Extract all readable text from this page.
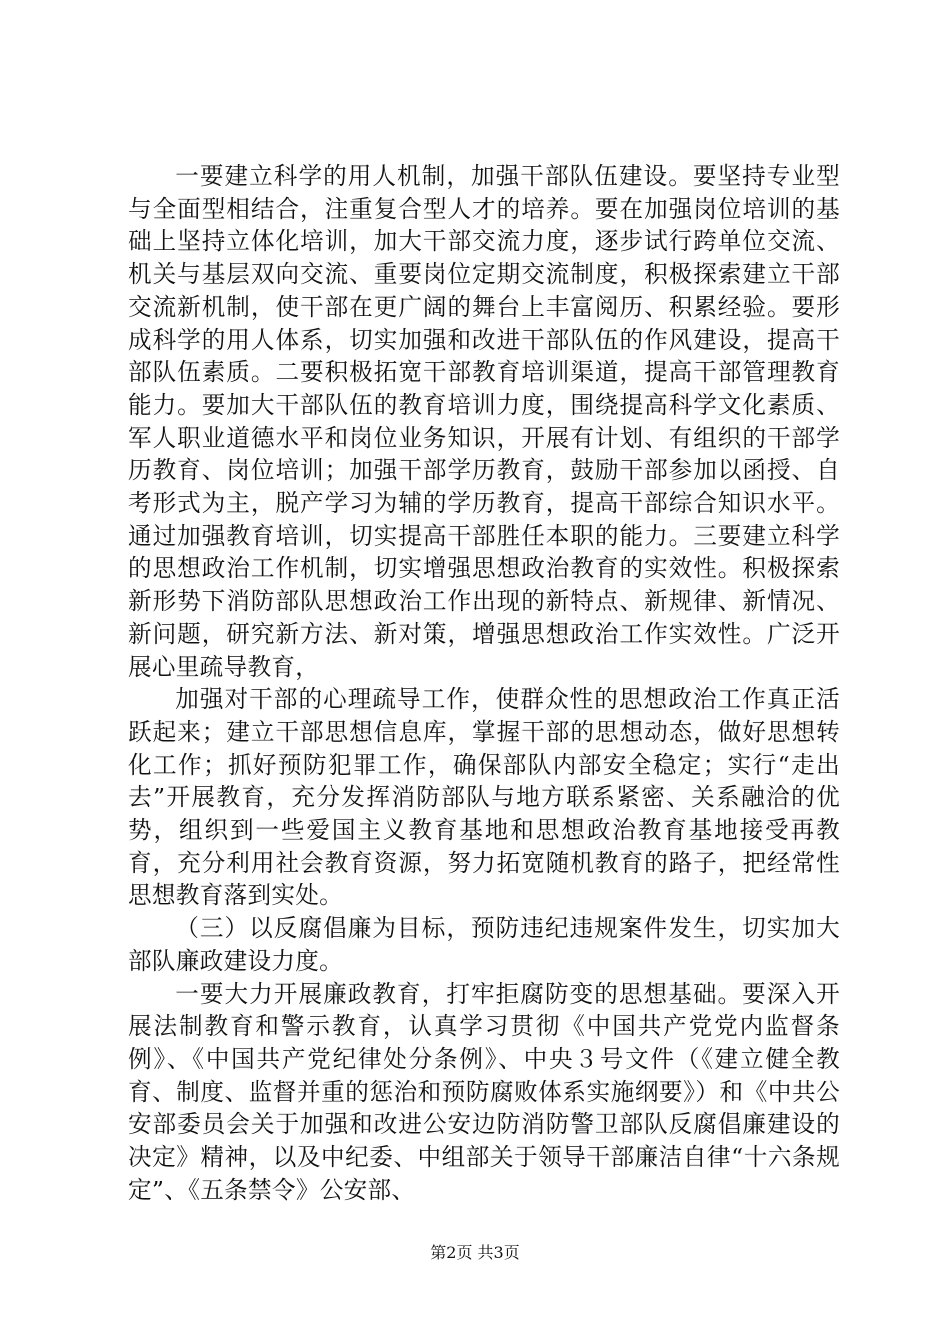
一要建立科学的用人机制，加强干部队伍建设。要坚持专业型与全面型相结合，注重复合型人才的培养。要在加强岗位培训的基础上坚持立体化培训，加大干部交流力度，逐步试行跨单位交流、机关与基层双向交流、重要岗位定期交流制度，积极探索建立干部交流新机制，使干部在更广阔的舞台上丰富阅历、积累经验。要形成科学的用人体系，切实加强和改进干部队伍的作风建设，提高干部队伍素质。二要积极拓宽干部教育培训渠道，提高干部管理教育能力。要加大干部队伍的教育培训力度，围绕提高科学文化素质、军人职业道德水平和岗位业务知识，开展有计划、有组织的干部学历教育、岗位培训；加强干部学历教育，鼓励干部参加以函授、自考形式为主，脱产学习为辅的学历教育，提高干部综合知识水平。通过加强教育培训，切实提高干部胜任本职的能力。三要建立科学的思想政治工作机制，切实增强思想政治教育的实效性。积极探索新形势下消防部队思想政治工作出现的新特点、新规律、新情况、新问题，研究新方法、新对策，增强思想政治工作实效性。广泛开展心里疏导教育，

加强对干部的心理疏导工作，使群众性的思想政治工作真正活跃起来；建立干部思想信息库，掌握干部的思想动态，做好思想转化工作；抓好预防犯罪工作，确保部队内部安全稳定；实行“走出去”开展教育，充分发挥消防部队与地方联系紧密、关系融洽的优势，组织到一些爱国主义教育基地和思想政治教育基地接受再教育，充分利用社会教育资源，努力拓宽随机教育的路子，把经常性思想教育落到实处。

（三）以反腐倡廉为目标，预防违纪违规案件发生，切实加大部队廉政建设力度。

一要大力开展廉政教育，打牢拒腐防变的思想基础。要深入开展法制教育和警示教育，认真学习贯彻《中国共产党党内监督条例》、《中国共产党纪律处分条例》、中央３号文件（《建立健全教育、制度、监督并重的惩治和预防腐败体系实施纲要》）和《中共公安部委员会关于加强和改进公安边防消防警卫部队反腐倡廉建设的决定》精神，以及中纪委、中组部关于领导干部廉洁自律“十六条规定”、《五条禁令》公安部、

第2页 共3页
